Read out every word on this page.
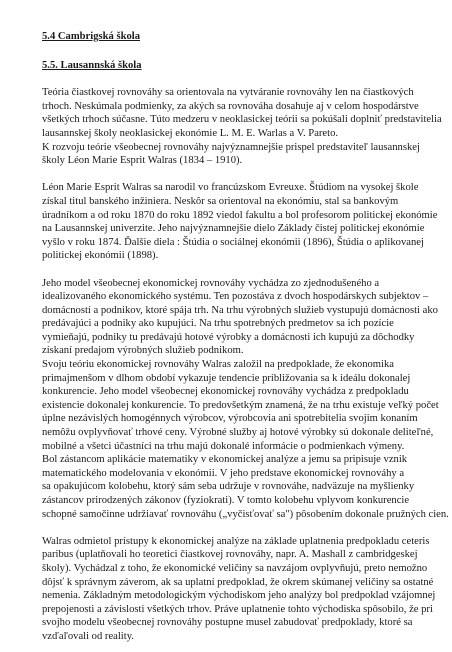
5.4 Cambrigská škola
5.5. Lausannská škola
Teória čiastkovej rovnováhy sa orientovala na vytváranie rovnováhy len na čiastkových
trhoch. Neskúmala podmienky, za akých sa rovnováha dosahuje aj v celom hospodárstve
všetkých trhoch súčasne. Túto medzeru v neoklasickej teórii sa pokúšali doplniť predstavitelia
lausannskej školy neoklasickej ekonómie L. M. E. Warlas a V. Pareto.
K rozvoju teórie všeobecnej rovnováhy najvýznamnejšie prispel predstaviteľ lausannskej
školy Léon Marie Esprit Walras (1834 – 1910).
Léon Marie Esprit Walras sa narodil vo francúzskom Evreuxe. Štúdiom na vysokej škole
získal titul banského inžiniera. Neskôr sa orientoval na ekonómiu, stal sa bankovým
úradníkom a od roku 1870 do roku 1892 viedol fakultu a bol profesorom politickej ekonómie
na Lausannskej univerzite. Jeho najvýznamnejšie dielo Základy čistej politickej ekonómie
vyšlo v roku 1874. Ďalšie diela : Štúdia o sociálnej ekonómii (1896), Štúdia o aplikovanej
politickej ekonómii (1898).
Jeho model všeobecnej ekonomickej rovnováhy vychádza zo zjednodušeného a
idealizovaného ekonomického systému. Ten pozostáva z dvoch hospodárskych subjektov –
domácností a podnikov, ktoré spája trh. Na trhu výrobných služieb vystupujú domácnosti ako
predávajúci a podniky ako kupujúci. Na trhu spotrebných predmetov sa ich pozície
vymieňajú, podniky tu predávajú hotové výrobky a domácnosti ich kupujú za dôchodky
získaní predajom výrobných služieb podnikom.
Svoju teóriu ekonomickej rovnováhy Walras založil na predpoklade, že ekonomika
primajmenšom v dlhom období vykazuje tendencie približovania sa k ideálu dokonalej
konkurencie. Jeho model všeobecnej ekonomickej rovnováhy vychádza z predpokladu
existencie dokonalej konkurencie. To predovšetkým znamená, že na trhu existuje veľký počet
úplne nezávislých homogénnych výrobcov, výrobcovia ani spotrebitelia svojim konaním
nemôžu ovplyvňovať trhové ceny. Výrobné služby aj hotové výrobky sú dokonale deliteľné,
mobilné a všetci účastníci na trhu majú dokonalé informácie o podmienkach výmeny.
Bol zástancom aplikácie matematiky v ekonomickej analýze a jemu sa pripisuje vznik
matematického modelovania v ekonómii. V jeho predstave ekonomickej rovnováhy a
sa opakujúcom kolobehu, ktorý sám seba udržuje v rovnováhe, nadväzuje na myšlienky
zástancov prirodzených zákonov (fyziokrati). V tomto kolobehu vplyvom konkurencie
schopné samočinne udržiavať rovnováhu („vyčisťovať sa") pôsobením dokonale pružných cien.
Walras odmietol prístupy k ekonomickej analýze na základe uplatnenia predpokladu ceteris
paribus (uplatňovali ho teoretici čiastkovej rovnováhy, napr. A. Mashall z cambridgeskej
školy). Vychádzal z toho, že ekonomické veličiny sa navzájom ovplyvňujú, preto nemožno
dôjsť k správnym záverom, ak sa uplatní predpoklad, že okrem skúmanej veličiny sa ostatné
nemenia. Základným metodologickým východiskom jeho analýzy bol predpoklad vzájomnej
prepojenosti a závislosti všetkých trhov. Práve uplatnenie tohto východiska spôsobilo, že pri
svojho modelu všeobecnej rovnováhy postupne musel zabudovať predpoklady, ktoré sa
vzďaľovali od reality.
